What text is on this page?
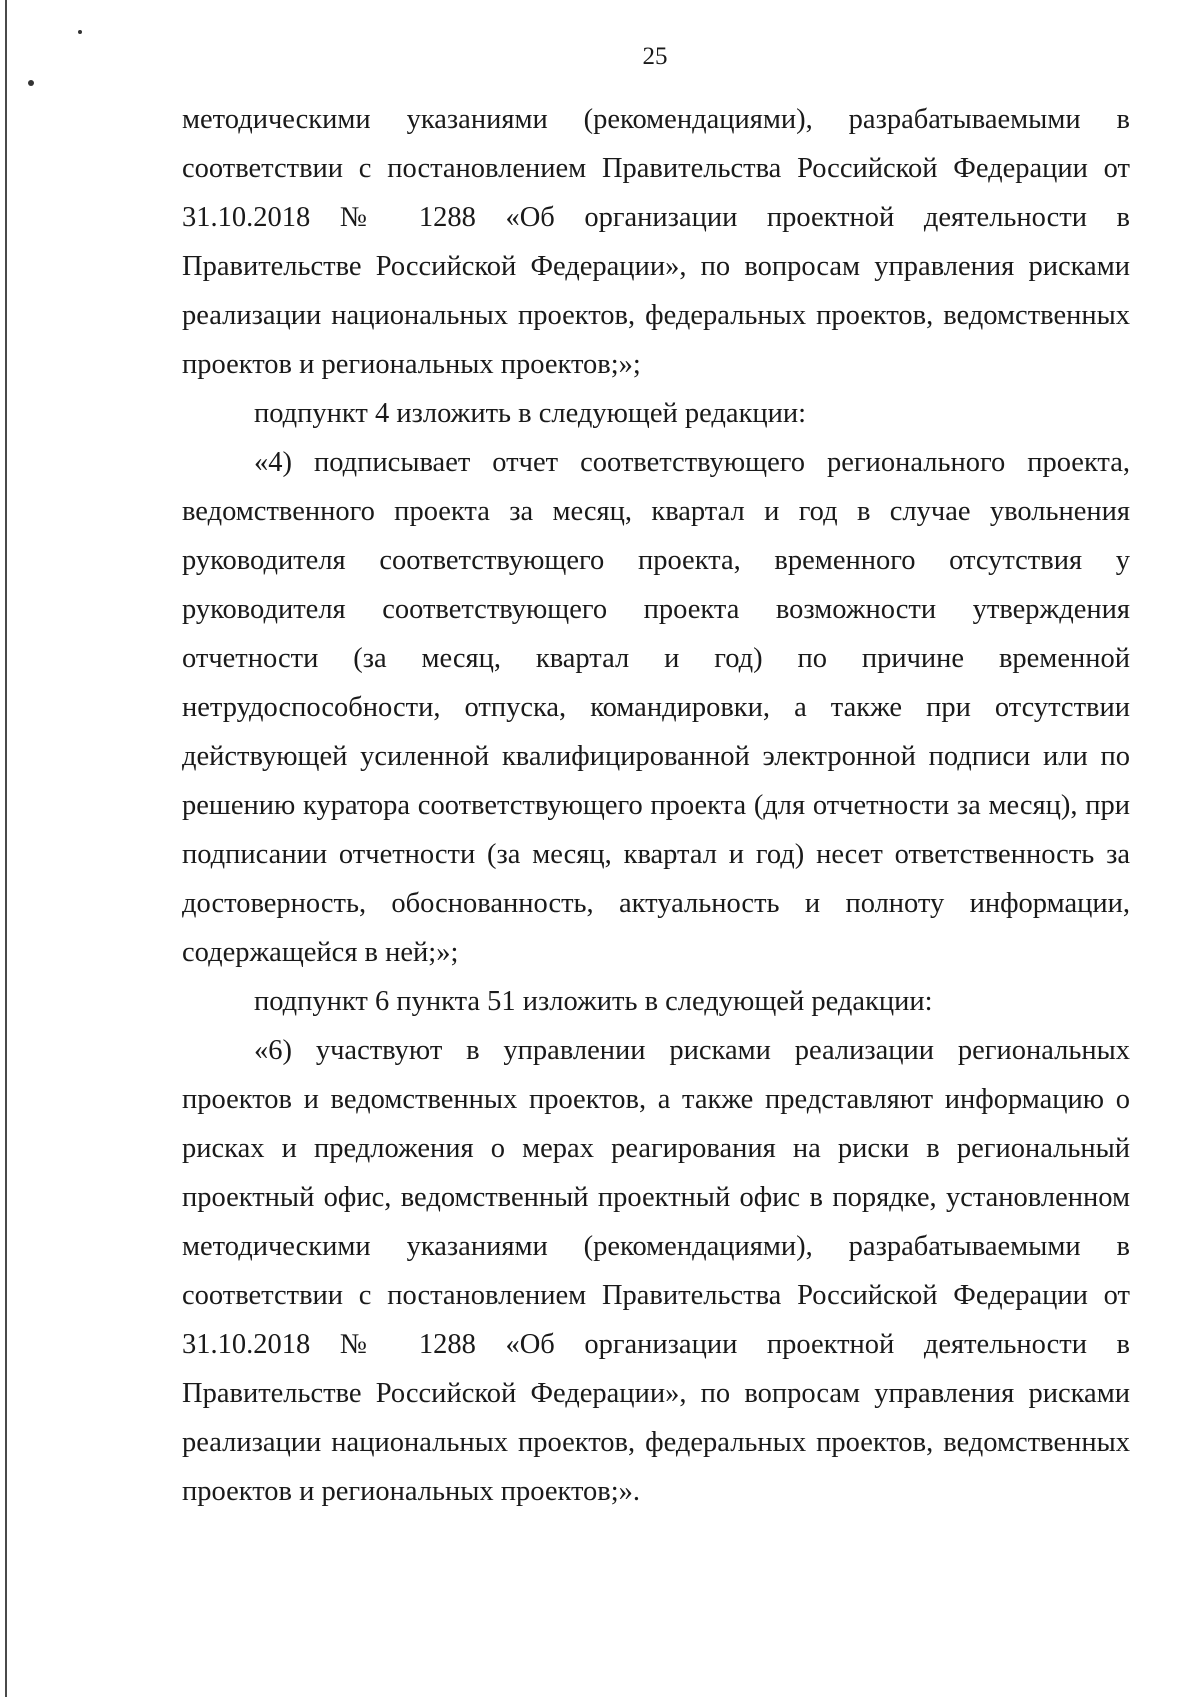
25

методическими указаниями (рекомендациями), разрабатываемыми в соответствии с постановлением Правительства Российской Федерации от 31.10.2018 № 1288 «Об организации проектной деятельности в Правительстве Российской Федерации», по вопросам управления рисками реализации национальных проектов, федеральных проектов, ведомственных проектов и региональных проектов;»;

подпункт 4 изложить в следующей редакции:

«4) подписывает отчет соответствующего регионального проекта, ведомственного проекта за месяц, квартал и год в случае увольнения руководителя соответствующего проекта, временного отсутствия у руководителя соответствующего проекта возможности утверждения отчетности (за месяц, квартал и год) по причине временной нетрудоспособности, отпуска, командировки, а также при отсутствии действующей усиленной квалифицированной электронной подписи или по решению куратора соответствующего проекта (для отчетности за месяц), при подписании отчетности (за месяц, квартал и год) несет ответственность за достоверность, обоснованность, актуальность и полноту информации, содержащейся в ней;»;

подпункт 6 пункта 51 изложить в следующей редакции:

«6) участвуют в управлении рисками реализации региональных проектов и ведомственных проектов, а также представляют информацию о рисках и предложения о мерах реагирования на риски в региональный проектный офис, ведомственный проектный офис в порядке, установленном методическими указаниями (рекомендациями), разрабатываемыми в соответствии с постановлением Правительства Российской Федерации от 31.10.2018 № 1288 «Об организации проектной деятельности в Правительстве Российской Федерации», по вопросам управления рисками реализации национальных проектов, федеральных проектов, ведомственных проектов и региональных проектов;».
